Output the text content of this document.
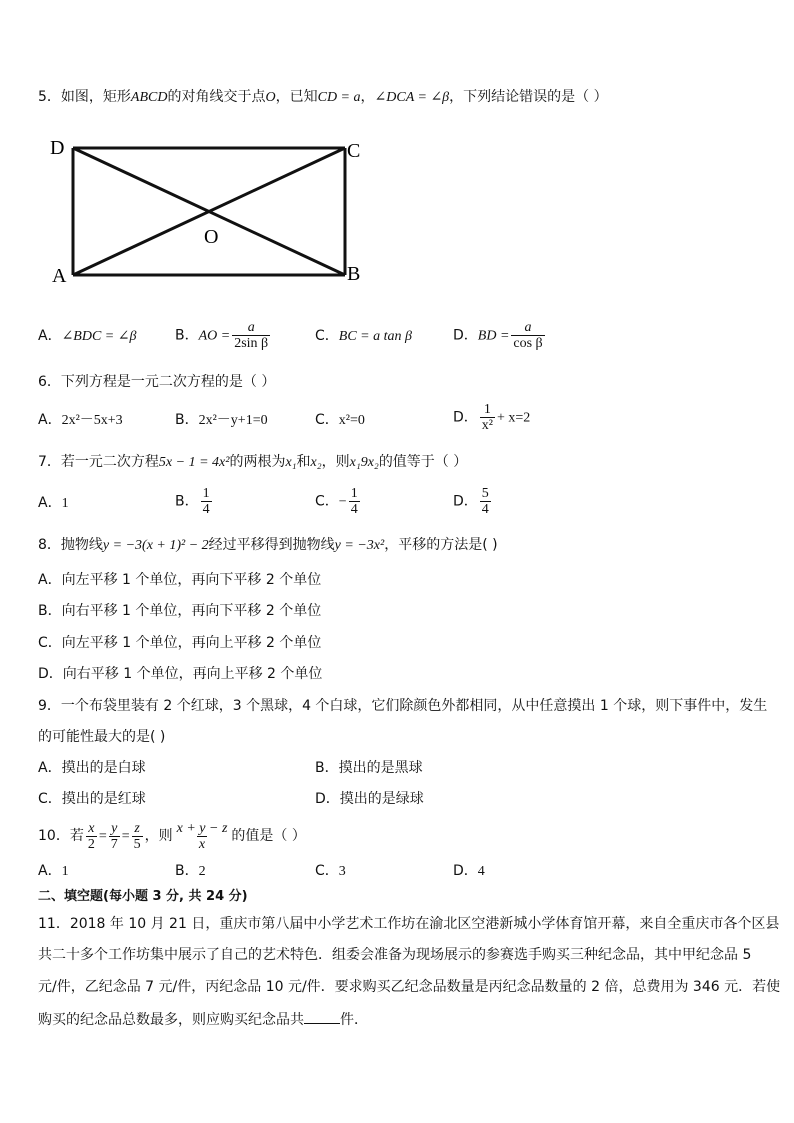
5．如图，矩形ABCD的对角线交于点O，已知CD = a，∠DCA = ∠β，下列结论错误的是（ ）
D	C
A	B
O
A．∠BDC = ∠β	B．AO = $\frac{a}{\text{2sin β}}$	C．BC = a tan β	D．BD = $\frac{a}{\text{cos β}}$
6．下列方程是一元二次方程的是（ ）
A．2x²－5x+3	B．2x²－y+1=0	C．x²=0	D． $\frac{1}{\text{x²}} + x=2$
7．若一元二次方程5x − 1 = 4x²的两根为x₁和x₂，则x₁9x₂的值等于（ ）
A．1	B． $\frac{1}{4}$	C．− $\frac{1}{4}$	D． $\frac{5}{4}$
8．抛物线y = −3(x + 1)² − 2经过平移得到抛物线y = −3x²，平移的方法是( )
A．向左平移 1 个单位，再向下平移 2 个单位
B．向右平移 1 个单位，再向下平移 2 个单位
C．向左平移 1 个单位，再向上平移 2 个单位
D．向右平移 1 个单位，再向上平移 2 个单位
9．一个布袋里装有 2 个红球，3 个黑球，4 个白球，它们除颜色外都相同，从中任意摸出 1 个球，则下事件中，发生
的可能性最大的是( )
A．摸出的是白球	B．摸出的是黑球
C．摸出的是红球	D．摸出的是绿球
10．若 $\frac{x}{2} = \frac{y}{7} = \frac{z}{5}$ ，则 $\frac{x + y - z}{x}$ 的值是（ ）
A．1	B．2	C．3	D．4
二、填空题(每小题 3 分, 共 24 分)
11．2018 年 10 月 21 日，重庆市第八届中小学艺术工作坊在渝北区空港新城小学体育馆开幕，来自全重庆市各个区县
共二十多个工作坊集中展示了自己的艺术特色．组委会准备为现场展示的参赛选手购买三种纪念品，其中甲纪念品 5
元/件，乙纪念品 7 元/件，丙纪念品 10 元/件．要求购买乙纪念品数量是丙纪念品数量的 2 倍，总费用为 346 元．若使
购买的纪念品总数最多，则应购买纪念品共	件．
